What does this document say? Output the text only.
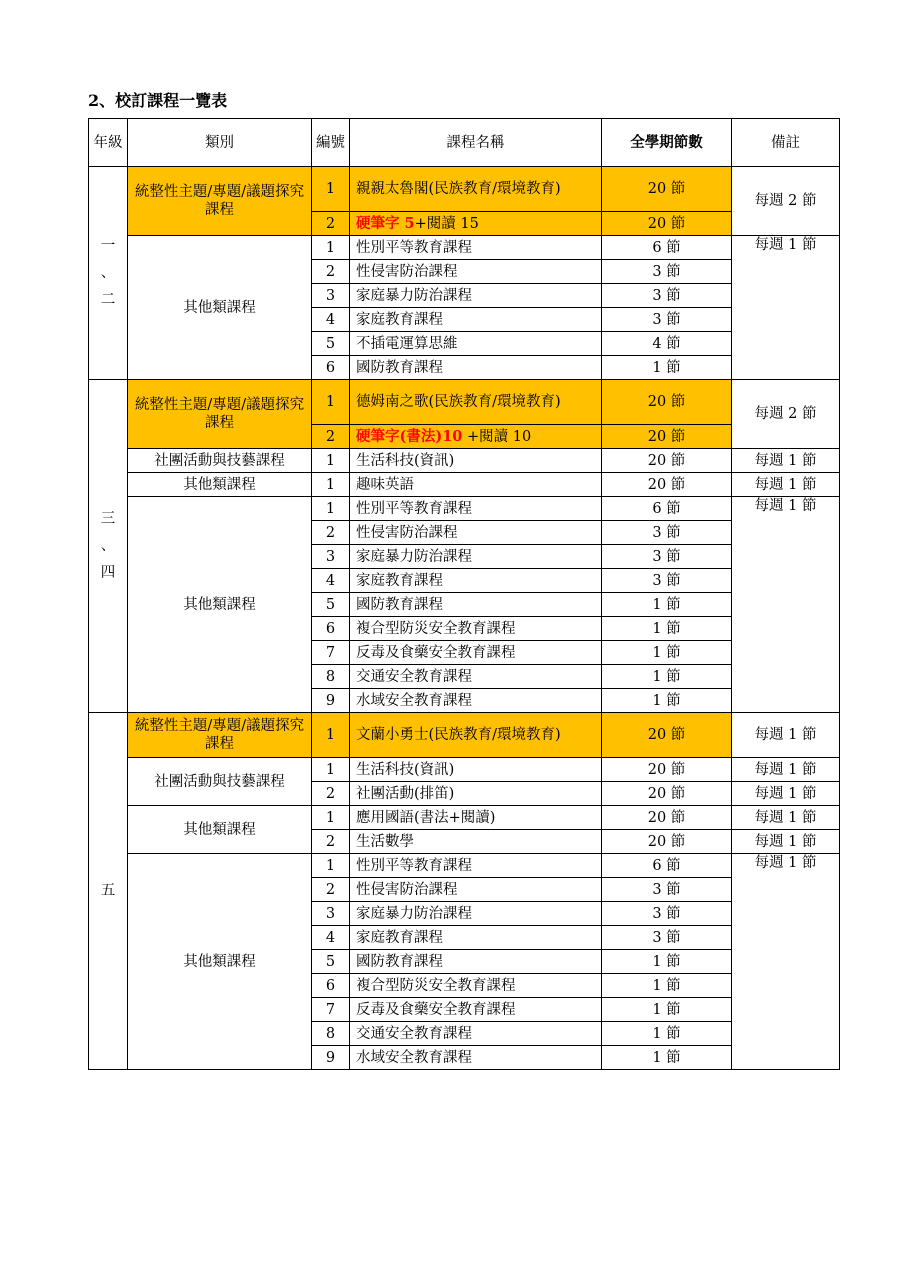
2、校訂課程一覽表
年級	類別	編號	課程名稱	全學期節數	備註

一
、
二	統整性主題/專題/議題探究課程	1	親親太魯閣(民族教育/環境教育)	20 節	每週 2 節
		2	硬筆字 5+閱讀 15	20 節	
	其他類課程	1	性別平等教育課程	6 節	每週 1 節
		2	性侵害防治課程	3 節	
		3	家庭暴力防治課程	3 節	
		4	家庭教育課程	3 節	
		5	不插電運算思維	4 節	
		6	國防教育課程	1 節	

三
、
四	統整性主題/專題/議題探究課程	1	德姆南之歌(民族教育/環境教育)	20 節	每週 2 節
		2	硬筆字(書法)10 +閱讀 10	20 節	
	社團活動與技藝課程	1	生活科技(資訊)	20 節	每週 1 節
	其他類課程	1	趣味英語	20 節	每週 1 節
	其他類課程	1	性別平等教育課程	6 節	每週 1 節
		2	性侵害防治課程	3 節	
		3	家庭暴力防治課程	3 節	
		4	家庭教育課程	3 節	
		5	國防教育課程	1 節	
		6	複合型防災安全教育課程	1 節	
		7	反毒及食藥安全教育課程	1 節	
		8	交通安全教育課程	1 節	
		9	水域安全教育課程	1 節	

五	統整性主題/專題/議題探究課程	1	文蘭小勇士(民族教育/環境教育)	20 節	每週 1 節
	社團活動與技藝課程	1	生活科技(資訊)	20 節	每週 1 節
		2	社團活動(排笛)	20 節	每週 1 節
	其他類課程	1	應用國語(書法+閱讀)	20 節	每週 1 節
		2	生活數學	20 節	每週 1 節
	其他類課程	1	性別平等教育課程	6 節	每週 1 節
		2	性侵害防治課程	3 節	
		3	家庭暴力防治課程	3 節	
		4	家庭教育課程	3 節	
		5	國防教育課程	1 節	
		6	複合型防災安全教育課程	1 節	
		7	反毒及食藥安全教育課程	1 節	
		8	交通安全教育課程	1 節	
		9	水域安全教育課程	1 節	
